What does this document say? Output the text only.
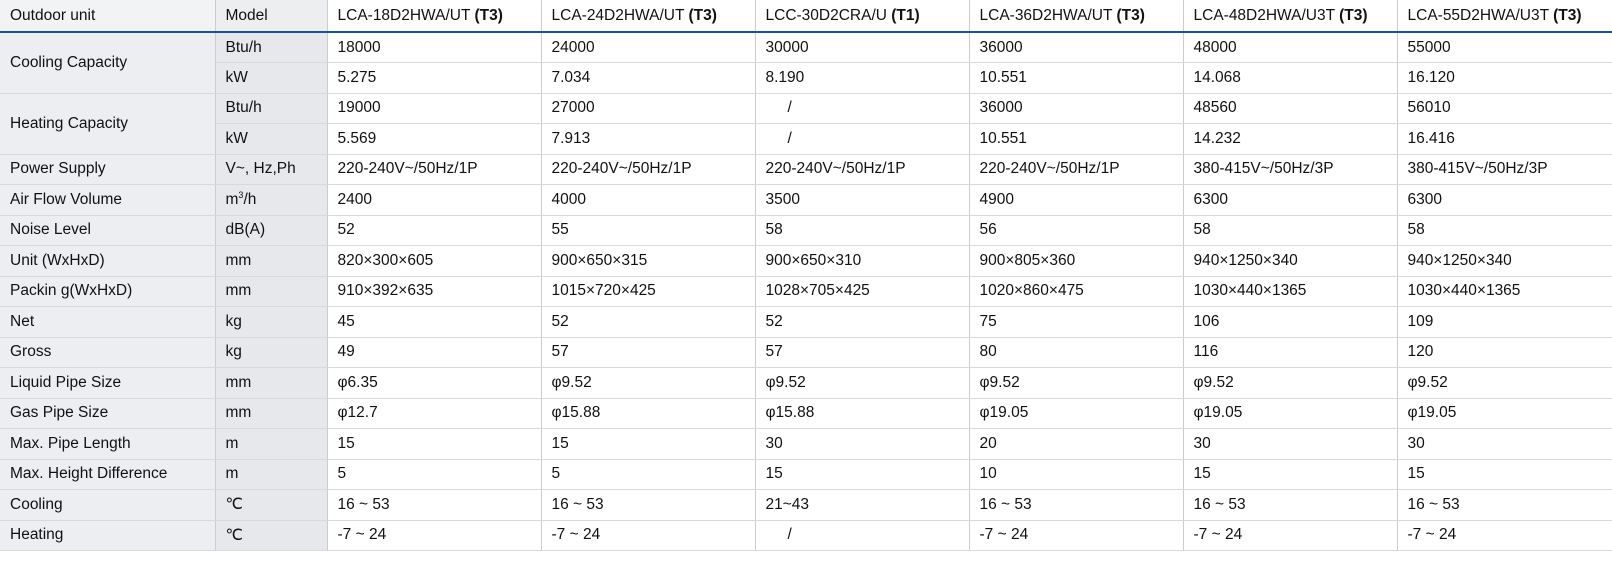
Outdoor unit	Model	LCA-18D2HWA/UT (T3)	LCA-24D2HWA/UT (T3)	LCC-30D2CRA/U (T1)	LCA-36D2HWA/UT (T3)	LCA-48D2HWA/U3T (T3)	LCA-55D2HWA/U3T (T3)
Cooling Capacity	Btu/h	18000	24000	30000	36000	48000	55000
	kW	5.275	7.034	8.190	10.551	14.068	16.120
Heating Capacity	Btu/h	19000	27000	/	36000	48560	56010
	kW	5.569	7.913	/	10.551	14.232	16.416
Power Supply	V~, Hz,Ph	220-240V~/50Hz/1P	220-240V~/50Hz/1P	220-240V~/50Hz/1P	220-240V~/50Hz/1P	380-415V~/50Hz/3P	380-415V~/50Hz/3P
Air Flow Volume	$m^3/h$	2400	4000	3500	4900	6300	6300
Noise Level	dB(A)	52	55	58	56	58	58
Unit (WxHxD)	mm	820×300×605	900×650×315	900×650×310	900×805×360	940×1250×340	940×1250×340
Packin g(WxHxD)	mm	910×392×635	1015×720×425	1028×705×425	1020×860×475	1030×440×1365	1030×440×1365
Net	kg	45	52	52	75	106	109
Gross	kg	49	57	57	80	116	120
Liquid Pipe Size	mm	φ6.35	φ9.52	φ9.52	φ9.52	φ9.52	φ9.52
Gas Pipe Size	mm	φ12.7	φ15.88	φ15.88	φ19.05	φ19.05	φ19.05
Max. Pipe Length	m	15	15	30	20	30	30
Max. Height Difference	m	5	5	15	10	15	15
Cooling	℃	16 ~ 53	16 ~ 53	21~43	16 ~ 53	16 ~ 53	16 ~ 53
Heating	℃	-7 ~ 24	-7 ~ 24	/	-7 ~ 24	-7 ~ 24	-7 ~ 24
